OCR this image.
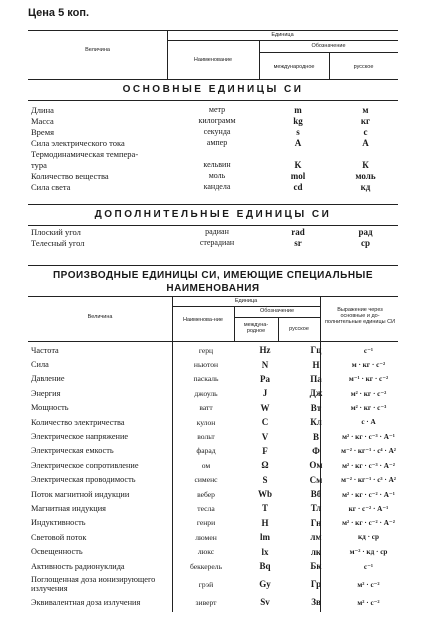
Цена 5 коп.
Величина
Единица
Наименование
Обозначение
международное	русское
ОСНОВНЫЕ ЕДИНИЦЫ СИ
Длина	метр	m	м
Масса	килограмм	kg	кг
Время	секунда	s	с
Сила электрического тока	ампер	A	А
Термодинамическая темпера-
тура	кельвин	K	К
Количество вещества	моль	mol	моль
Сила света	кандела	cd	кд
ДОПОЛНИТЕЛЬНЫЕ ЕДИНИЦЫ СИ
Плоский угол	радиан	rad	рад
Телесный угол	стерадиан	sr	ср
ПРОИЗВОДНЫЕ ЕДИНИЦЫ СИ, ИМЕЮЩИЕ СПЕЦИАЛЬНЫЕ
НАИМЕНОВАНИЯ
Величина
Единица
Наименова-ние
Обозначение
междуна-родное	русское
Выражение через основные и до-полнительные единицы СИ
Частота	герц	Hz	Гц	с⁻¹
Сила	ньютон	N	Н	м · кг · с⁻²
Давление	паскаль	Pa	Па	м⁻¹ · кг · с⁻²
Энергия	джоуль	J	Дж	м² · кг · с⁻²
Мощность	ватт	W	Вт	м² · кг · с⁻³
Количество электричества	кулон	C	Кл	с · А
Электрическое напряжение	вольт	V	В	м² · кг · с⁻³ · А⁻¹
Электрическая емкость	фарад	F	Ф	м⁻² · кг⁻¹ · с⁴ · А²
Электрическое сопротивление	ом	Ω	Ом	м² · кг · с⁻³ · А⁻²
Электрическая проводимость	сименс	S	См	м⁻² · кг⁻¹ · с³ · А²
Поток магнитной индукции	вебер	Wb	Вб	м² · кг · с⁻² · А⁻¹
Магнитная индукция	тесла	T	Тл	кг · с⁻² · А⁻¹
Индуктивность	генри	H	Гн	м² · кг · с⁻² · А⁻²
Световой поток	люмен	lm	лм	кд · ср
Освещенность	люкс	lx	лк	м⁻² · кд · ср
Активность радионуклида	беккерель	Bq	Бк	с⁻¹
Поглощенная доза ионизирующего излучения	грэй	Gy	Гр	м² · с⁻²
Эквивалентная доза излучения	зиверт	Sv	Зв	м² · с⁻²
